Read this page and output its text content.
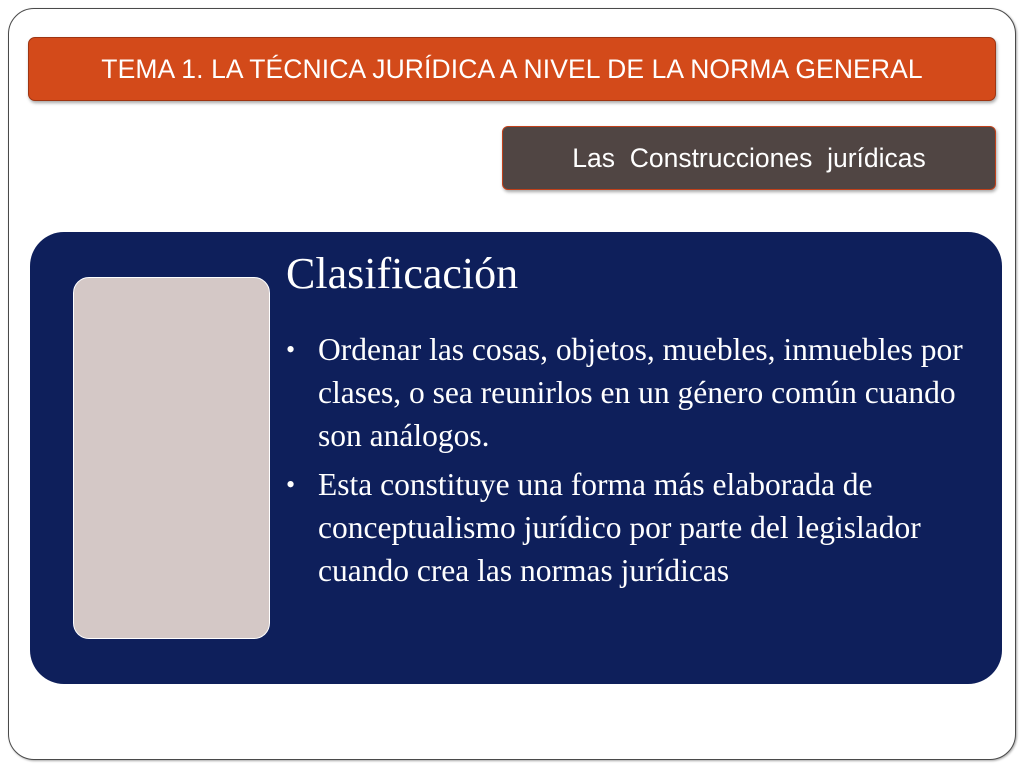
TEMA 1. LA TÉCNICA JURÍDICA A NIVEL DE LA NORMA GENERAL
Las  Construcciones  jurídicas
Clasificación
• Ordenar las cosas, objetos, muebles, inmuebles por clases, o sea reunirlos en un género común cuando son análogos.
• Esta constituye una forma más elaborada de conceptualismo jurídico por parte del legislador cuando crea las normas jurídicas
